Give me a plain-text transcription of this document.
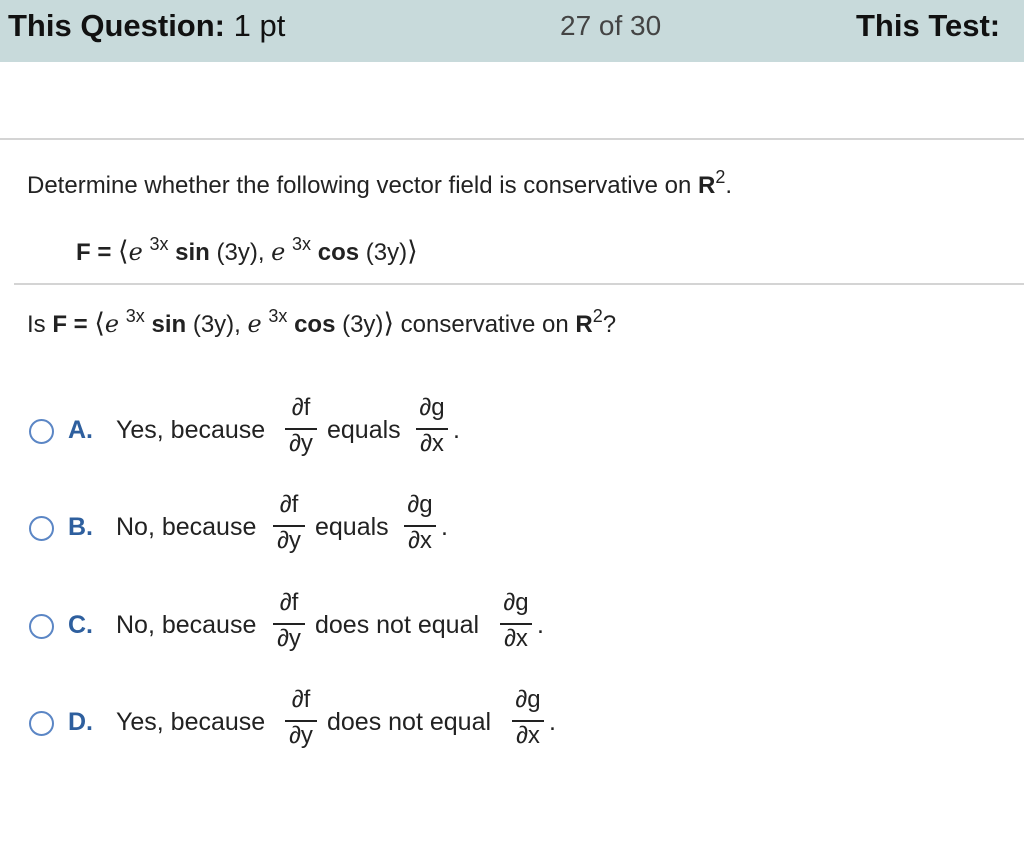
This Question: 1 pt	27 of 30	This Test:
Determine whether the following vector field is conservative on $R^2$.
F = ⟨e $^{3x}$ sin (3y), e $^{3x}$ cos (3y)⟩
Is F = ⟨e $^{3x}$ sin (3y), e $^{3x}$ cos (3y)⟩ conservative on $R^2$?
A. Yes, because
∂f
∂y equals
∂g
∂x .
B. No, because
∂f
∂y equals
∂g
∂x .
C. No, because
∂f
∂y does not equal
∂g
∂x .
D. Yes, because
∂f
∂y does not equal
∂g
∂x .
